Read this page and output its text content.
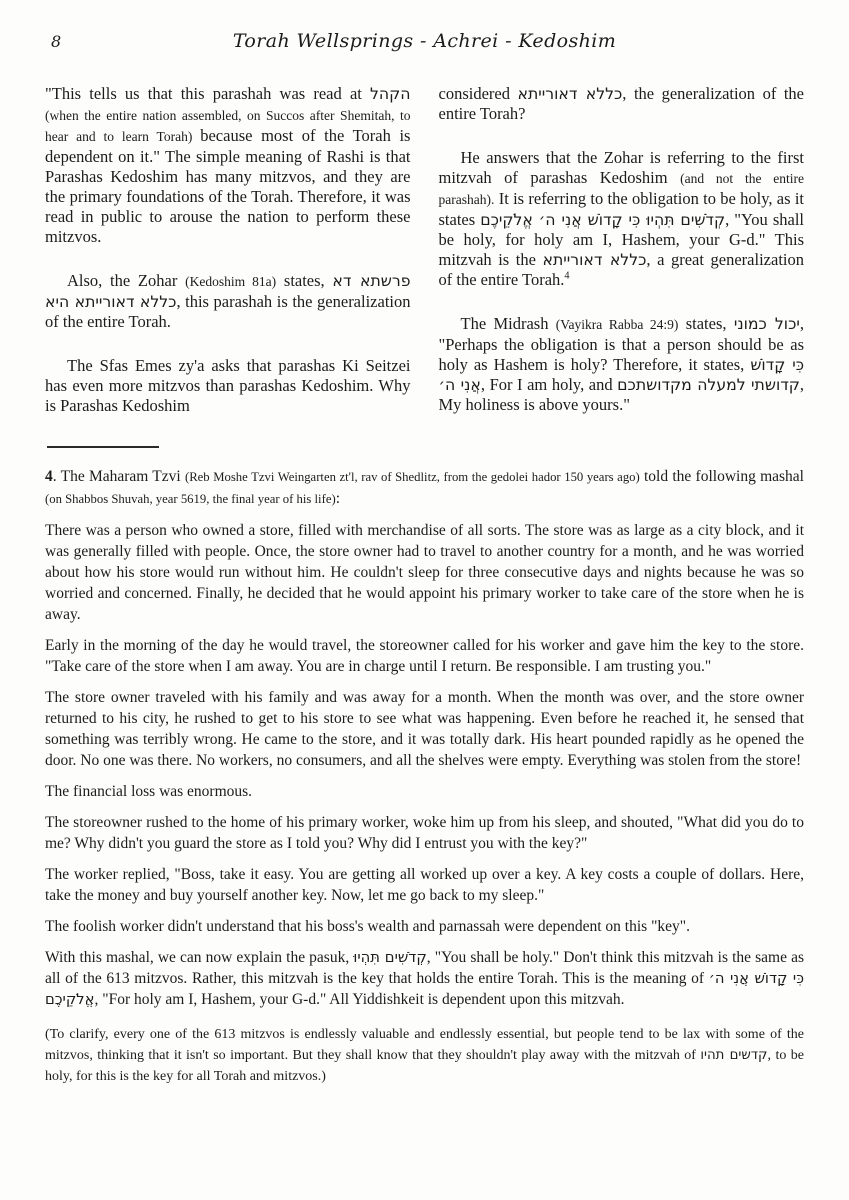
8	Torah Wellsprings - Achrei - Kedoshim

"This tells us that this parashah was read at הקהל (when the entire nation assembled, on Succos after Shemitah, to hear and to learn Torah) because most of the Torah is dependent on it." The simple meaning of Rashi is that Parashas Kedoshim has many mitzvos, and they are the primary foundations of the Torah. Therefore, it was read in public to arouse the nation to perform these mitzvos.

Also, the Zohar (Kedoshim 81a) states, פרשתא דא כללא דאורייתא היא, this parashah is the generalization of the entire Torah.

The Sfas Emes zy'a asks that parashas Ki Seitzei has even more mitzvos than parashas Kedoshim. Why is Parashas Kedoshim

considered כללא דאורייתא, the generalization of the entire Torah?

He answers that the Zohar is referring to the first mitzvah of parashas Kedoshim (and not the entire parashah). It is referring to the obligation to be holy, as it states קְדֹשִׁים תִּהְיוּ כִּי קָדוֹשׁ אֲנִי ה׳ אֱלֹקֵיכֶם, "You shall be holy, for holy am I, Hashem, your G-d." This mitzvah is the כללא דאורייתא, a great generalization of the entire Torah.$^4$

The Midrash (Vayikra Rabba 24:9) states, יכול כמוני, "Perhaps the obligation is that a person should be as holy as Hashem is holy? Therefore, it states, כִּי קָדוֹשׁ אֲנִי ה׳, For I am holy, and קדושתי למעלה מקדושתכם, My holiness is above yours."

4. The Maharam Tzvi (Reb Moshe Tzvi Weingarten zt'l, rav of Shedlitz, from the gedolei hador 150 years ago) told the following mashal (on Shabbos Shuvah, year 5619, the final year of his life):

There was a person who owned a store, filled with merchandise of all sorts. The store was as large as a city block, and it was generally filled with people. Once, the store owner had to travel to another country for a month, and he was worried about how his store would run without him. He couldn't sleep for three consecutive days and nights because he was so worried and concerned. Finally, he decided that he would appoint his primary worker to take care of the store when he is away.

Early in the morning of the day he would travel, the storeowner called for his worker and gave him the key to the store. "Take care of the store when I am away. You are in charge until I return. Be responsible. I am trusting you."

The store owner traveled with his family and was away for a month. When the month was over, and the store owner returned to his city, he rushed to get to his store to see what was happening. Even before he reached it, he sensed that something was terribly wrong. He came to the store, and it was totally dark. His heart pounded rapidly as he opened the door. No one was there. No workers, no consumers, and all the shelves were empty. Everything was stolen from the store!

The financial loss was enormous.

The storeowner rushed to the home of his primary worker, woke him up from his sleep, and shouted, "What did you do to me? Why didn't you guard the store as I told you? Why did I entrust you with the key?"

The worker replied, "Boss, take it easy. You are getting all worked up over a key. A key costs a couple of dollars. Here, take the money and buy yourself another key. Now, let me go back to my sleep."

The foolish worker didn't understand that his boss's wealth and parnassah were dependent on this "key".

With this mashal, we can now explain the pasuk, קְדֹשִׁים תִּהְיוּ, "You shall be holy." Don't think this mitzvah is the same as all of the 613 mitzvos. Rather, this mitzvah is the key that holds the entire Torah. This is the meaning of כִּי קָדוֹשׁ אֲנִי ה׳ אֱלֹקֵיכֶם, "For holy am I, Hashem, your G-d." All Yiddishkeit is dependent upon this mitzvah.

(To clarify, every one of the 613 mitzvos is endlessly valuable and endlessly essential, but people tend to be lax with some of the mitzvos, thinking that it isn't so important. But they shall know that they shouldn't play away with the mitzvah of קדשים תהיו, to be holy, for this is the key for all Torah and mitzvos.)
